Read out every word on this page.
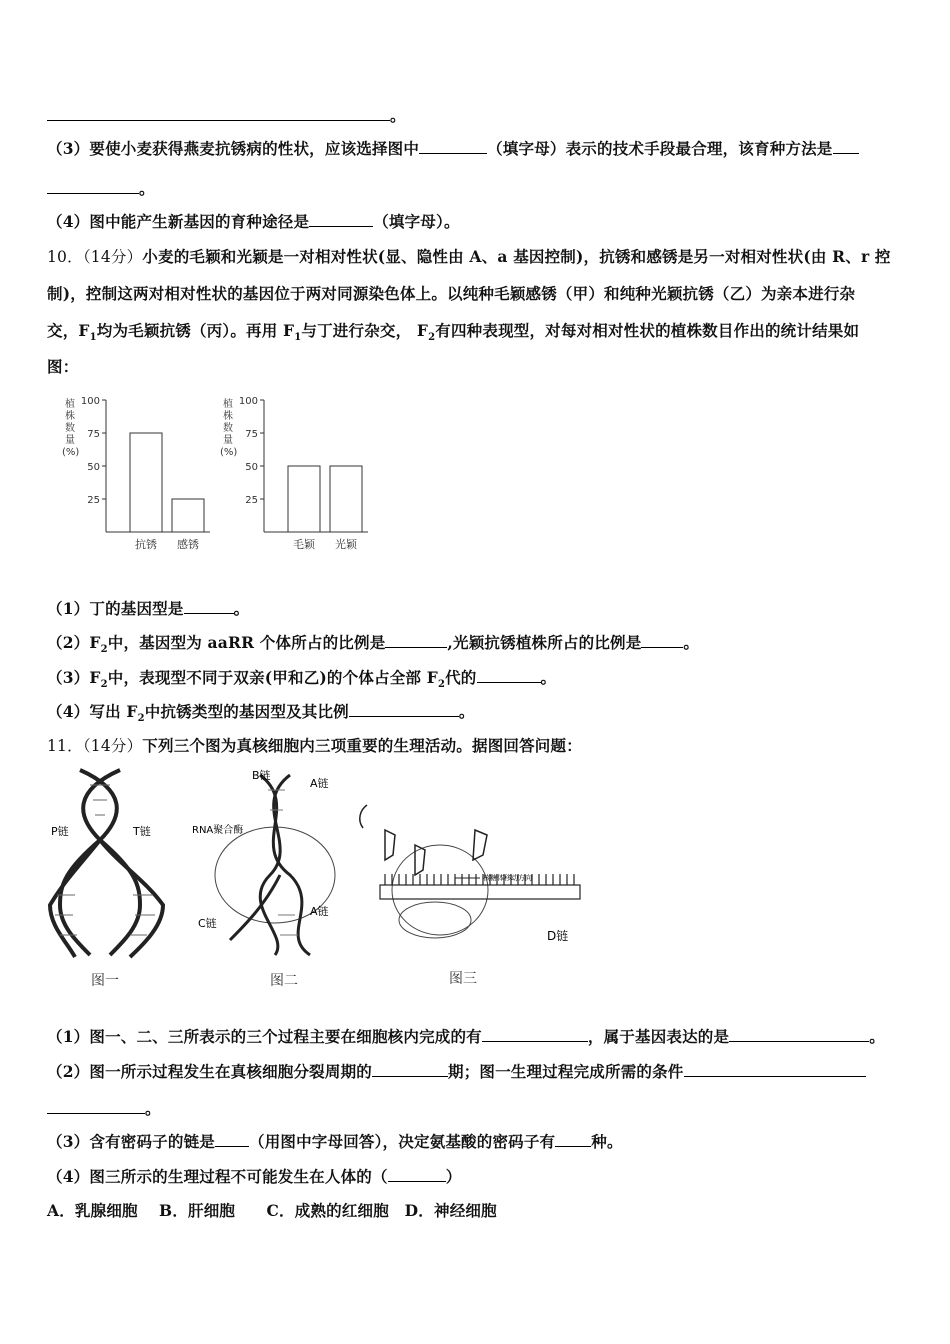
。
（3）要使小麦获得燕麦抗锈病的性状，应该选择图中	（填字母）表示的技术手段最合理，该育种方法是
。
（4）图中能产生新基因的育种途径是	（填字母）。
10．（14分）小麦的毛颖和光颖是一对相对性状(显、隐性由 A、a 基因控制)，抗锈和感锈是另一对相对性状(由 R、r 控
制)，控制这两对相对性状的基因位于两对同源染色体上。以纯种毛颖感锈（甲）和纯种光颖抗锈（乙）为亲本进行杂
交，$F_1$均为毛颖抗锈（丙）。再用 $F_1$与丁进行杂交， $F_2$有四种表现型，对每对相对性状的植株数目作出的统计结果如
图：
植株数量(%)
25
50
75
100
抗锈 感锈
植株数量(%)
25
50
75
100
毛颖 光颖
（1）丁的基因型是	。
$(2)F_2$中，基因型为 aaRR 个体所占的比例是	,光颖抗锈植株所占的比例是	。
$(3)F_2$中，表现型不同于双亲(甲和乙)的个体占全部 $F_2$代的	。
（4）写出 $F_2$中抗锈类型的基因型及其比例	。
11．（14分）下列三个图为真核细胞内三项重要的生理活动。据图回答问题：
P链	T链
图一
B链
A链
RNA聚合酶
C链
A链
图二
核糖体移动方向
D链
图三
（1）图一、二、三所表示的三个过程主要在细胞核内完成的有	，属于基因表达的是	。
（2）图一所示过程发生在真核细胞分裂周期的	期；图一生理过程完成所需的条件
。
（3）含有密码子的链是 （用图中字母回答），决定氨基酸的密码子有 种。
（4）图三所示的生理过程不可能发生在人体的（	）
A．乳腺细胞　 B．肝细胞　　C．成熟的红细胞　D．神经细胞
